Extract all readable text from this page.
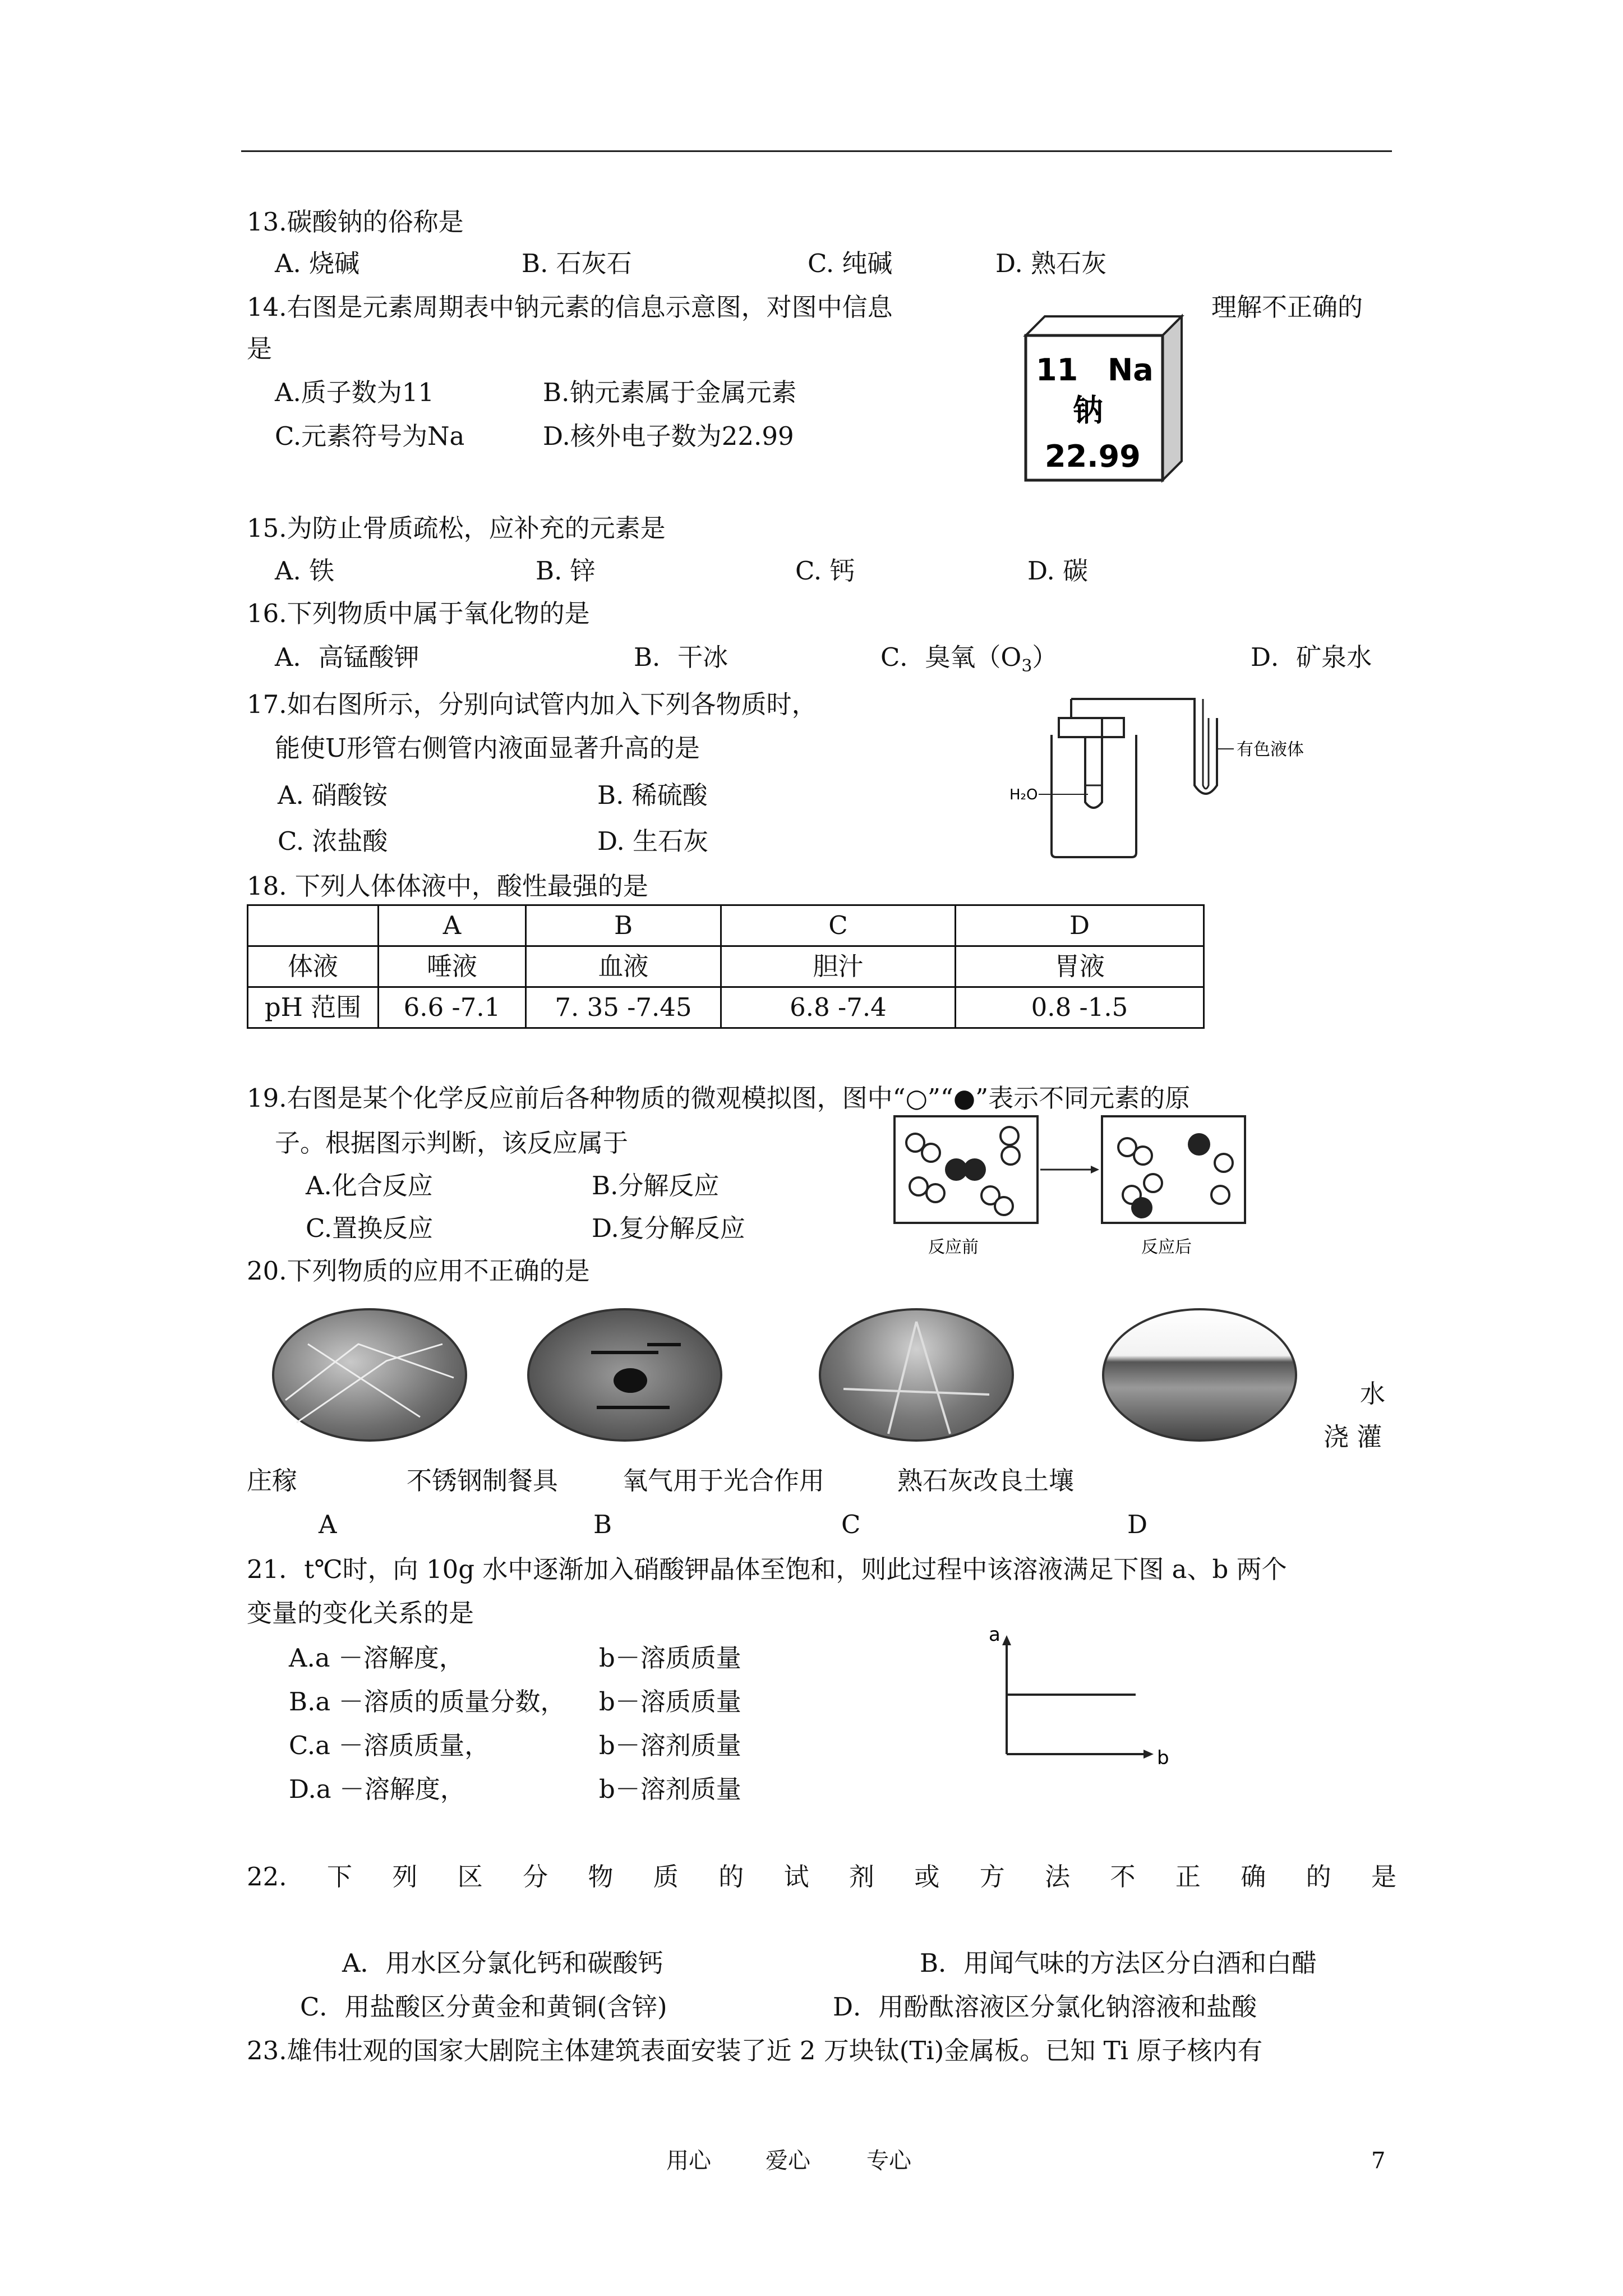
13.碳酸钠的俗称是
A. 烧碱	B. 石灰石	C. 纯碱	D. 熟石灰
14.右图是元素周期表中钠元素的信息示意图，对图中信息	理解不正确的
是
A.质子数为11	B.钠元素属于金属元素
C.元素符号为Na	D.核外电子数为22.99
11 Na
钠
22.99
15.为防止骨质疏松，应补充的元素是
A. 铁	B. 锌	C. 钙	D. 碳
16.下列物质中属于氧化物的是
A．高锰酸钾	B．干冰	C．臭氧$(O_3)$	D．矿泉水
17.如右图所示，分别向试管内加入下列各物质时，
能使U形管右侧管内液面显著升高的是
A. 硝酸铵	B. 稀硫酸
C. 浓盐酸	D. 生石灰
有色液体
H₂O
18. 下列人体体液中，酸性最强的是
	A	B	C	D
体液	唾液	血液	胆汁	胃液
pH 范围	6.6 -7.1	7. 35 -7.45	6.8 -7.4	0.8 -1.5
19.右图是某个化学反应前后各种物质的微观模拟图，图中“○”“●”表示不同元素的原
子。根据图示判断，该反应属于
A.化合反应	B.分解反应
C.置换反应	D.复分解反应
反应前	反应后
20.下列物质的应用不正确的是
水
浇 灌
庄稼	不锈钢制餐具	氧气用于光合作用	熟石灰改良土壤
A	B	C	D
21．t℃时，向 10g 水中逐渐加入硝酸钾晶体至饱和，则此过程中该溶液满足下图 a、b 两个
变量的变化关系的是
A.a －溶解度，	b－溶质质量
B.a －溶质的质量分数， b－溶质质量
C.a －溶质质量，	b－溶剂质量
D.a －溶解度，	b－溶剂质量
a
b
22. 下 列 区 分 物 质 的 试 剂 或 方 法 不 正 确 的 是
A．用水区分氯化钙和碳酸钙	B．用闻气味的方法区分白酒和白醋
C．用盐酸区分黄金和黄铜(含锌)	D．用酚酞溶液区分氯化钠溶液和盐酸
23.雄伟壮观的国家大剧院主体建筑表面安装了近 2 万块钛(Ti)金属板。已知 Ti 原子核内有
用心 爱心	专心	7
